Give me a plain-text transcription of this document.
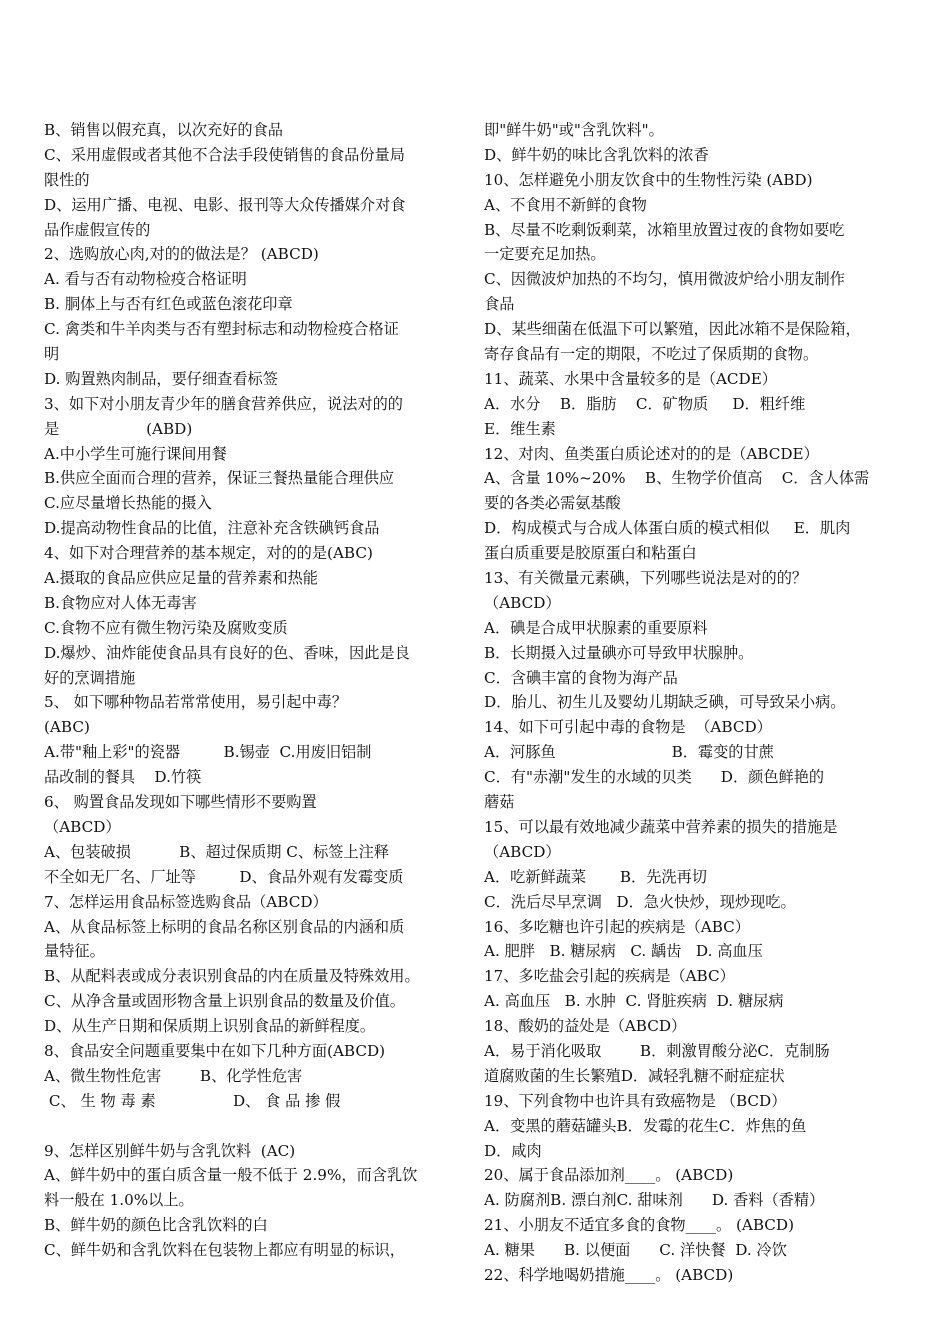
B、销售以假充真，以次充好的食品
C、采用虚假或者其他不合法手段使销售的食品份量局
限性的
D、运用广播、电视、电影、报刊等大众传播媒介对食
品作虚假宣传的
2、选购放心肉,对的的做法是？ (ABCD)
A. 看与否有动物检疫合格证明
B. 胴体上与否有红色或蓝色滚花印章
C. 禽类和牛羊肉类与否有塑封标志和动物检疫合格证
明
D. 购置熟肉制品，要仔细查看标签
3、如下对小朋友青少年的膳食营养供应，说法对的的
是                  (ABD)
A.中小学生可施行课间用餐
B.供应全面而合理的营养，保证三餐热量能合理供应
C.应尽量增长热能的摄入
D.提高动物性食品的比值，注意补充含铁碘钙食品
4、如下对合理营养的基本规定，对的的是(ABC)
A.摄取的食品应供应足量的营养素和热能
B.食物应对人体无毒害
C.食物不应有微生物污染及腐败变质
D.爆炒、油炸能使食品具有良好的色、香味，因此是良
好的烹调措施
5、 如下哪种物品若常常使用，易引起中毒？
(ABC)
A.带"釉上彩"的瓷器         B.锡壶  C.用废旧铝制
品改制的餐具    D.竹筷
6、 购置食品发现如下哪些情形不要购置
（ABCD）
A、包装破损          B、超过保质期 C、标签上注释
不全如无厂名、厂址等         D、食品外观有发霉变质
7、怎样运用食品标签选购食品（ABCD）
A、从食品标签上标明的食品名称区别食品的内涵和质
量特征。
B、从配料表或成分表识别食品的内在质量及特殊效用。
C、从净含量或固形物含量上识别食品的数量及价值。
D、从生产日期和保质期上识别食品的新鲜程度。
8、食品安全问题重要集中在如下几种方面(ABCD)
A、微生物性危害        B、化学性危害
C、 生 物 毒 素                D、 食 品 掺 假
9、怎样区别鲜牛奶与含乳饮料  (AC)
A、鲜牛奶中的蛋白质含量一般不低于 2.9%，而含乳饮
料一般在 1.0%以上。
B、鲜牛奶的颜色比含乳饮料的白
C、鲜牛奶和含乳饮料在包装物上都应有明显的标识，
即"鲜牛奶"或"含乳饮料"。
D、鲜牛奶的味比含乳饮料的浓香
10、怎样避免小朋友饮食中的生物性污染 (ABD)
A、不食用不新鲜的食物
B、尽量不吃剩饭剩菜，冰箱里放置过夜的食物如要吃
一定要充足加热。
C、因微波炉加热的不均匀，慎用微波炉给小朋友制作
食品
D、某些细菌在低温下可以繁殖，因此冰箱不是保险箱，
寄存食品有一定的期限，不吃过了保质期的食物。
11、蔬菜、水果中含量较多的是（ACDE）
A．水分    B．脂肪    C．矿物质     D．粗纤维
E．维生素
12、对肉、鱼类蛋白质论述对的的是（ABCDE）
A、含量 10%~20%    B、生物学价值高    C．含人体需
要的各类必需氨基酸
D．构成模式与合成人体蛋白质的模式相似     E．肌肉
蛋白质重要是胶原蛋白和粘蛋白
13、有关微量元素碘，下列哪些说法是对的的？
（ABCD）
A．碘是合成甲状腺素的重要原料
B．长期摄入过量碘亦可导致甲状腺肿。
C．含碘丰富的食物为海产品
D．胎儿、初生儿及婴幼儿期缺乏碘，可导致呆小病。
14、如下可引起中毒的食物是  （ABCD）
A．河豚鱼                        B．霉变的甘蔗
C．有"赤潮"发生的水域的贝类      D．颜色鲜艳的
蘑菇
15、可以最有效地减少蔬菜中营养素的损失的措施是
（ABCD）
A．吃新鲜蔬菜       B．先洗再切
C．洗后尽早烹调   D．急火快炒，现炒现吃。
16、多吃糖也许引起的疾病是（ABC）
A. 肥胖   B. 糖尿病   C. 龋齿   D. 高血压
17、多吃盐会引起的疾病是（ABC）
A. 高血压   B. 水肿  C. 肾脏疾病  D. 糖尿病
18、酸奶的益处是（ABCD）
A．易于消化吸取        B．刺激胃酸分泌C．克制肠
道腐败菌的生长繁殖D．减轻乳糖不耐症症状
19、下列食物中也许具有致癌物是 （BCD）
A．变黑的蘑菇罐头B．发霉的花生C．炸焦的鱼
D．咸肉
20、属于食品添加剂____。 (ABCD)
A. 防腐剂B. 漂白剂C. 甜味剂      D. 香料（香精）
21、小朋友不适宜多食的食物____。 (ABCD)
A. 糖果      B. 以便面      C. 洋快餐  D. 冷饮
22、科学地喝奶措施____。 (ABCD)
